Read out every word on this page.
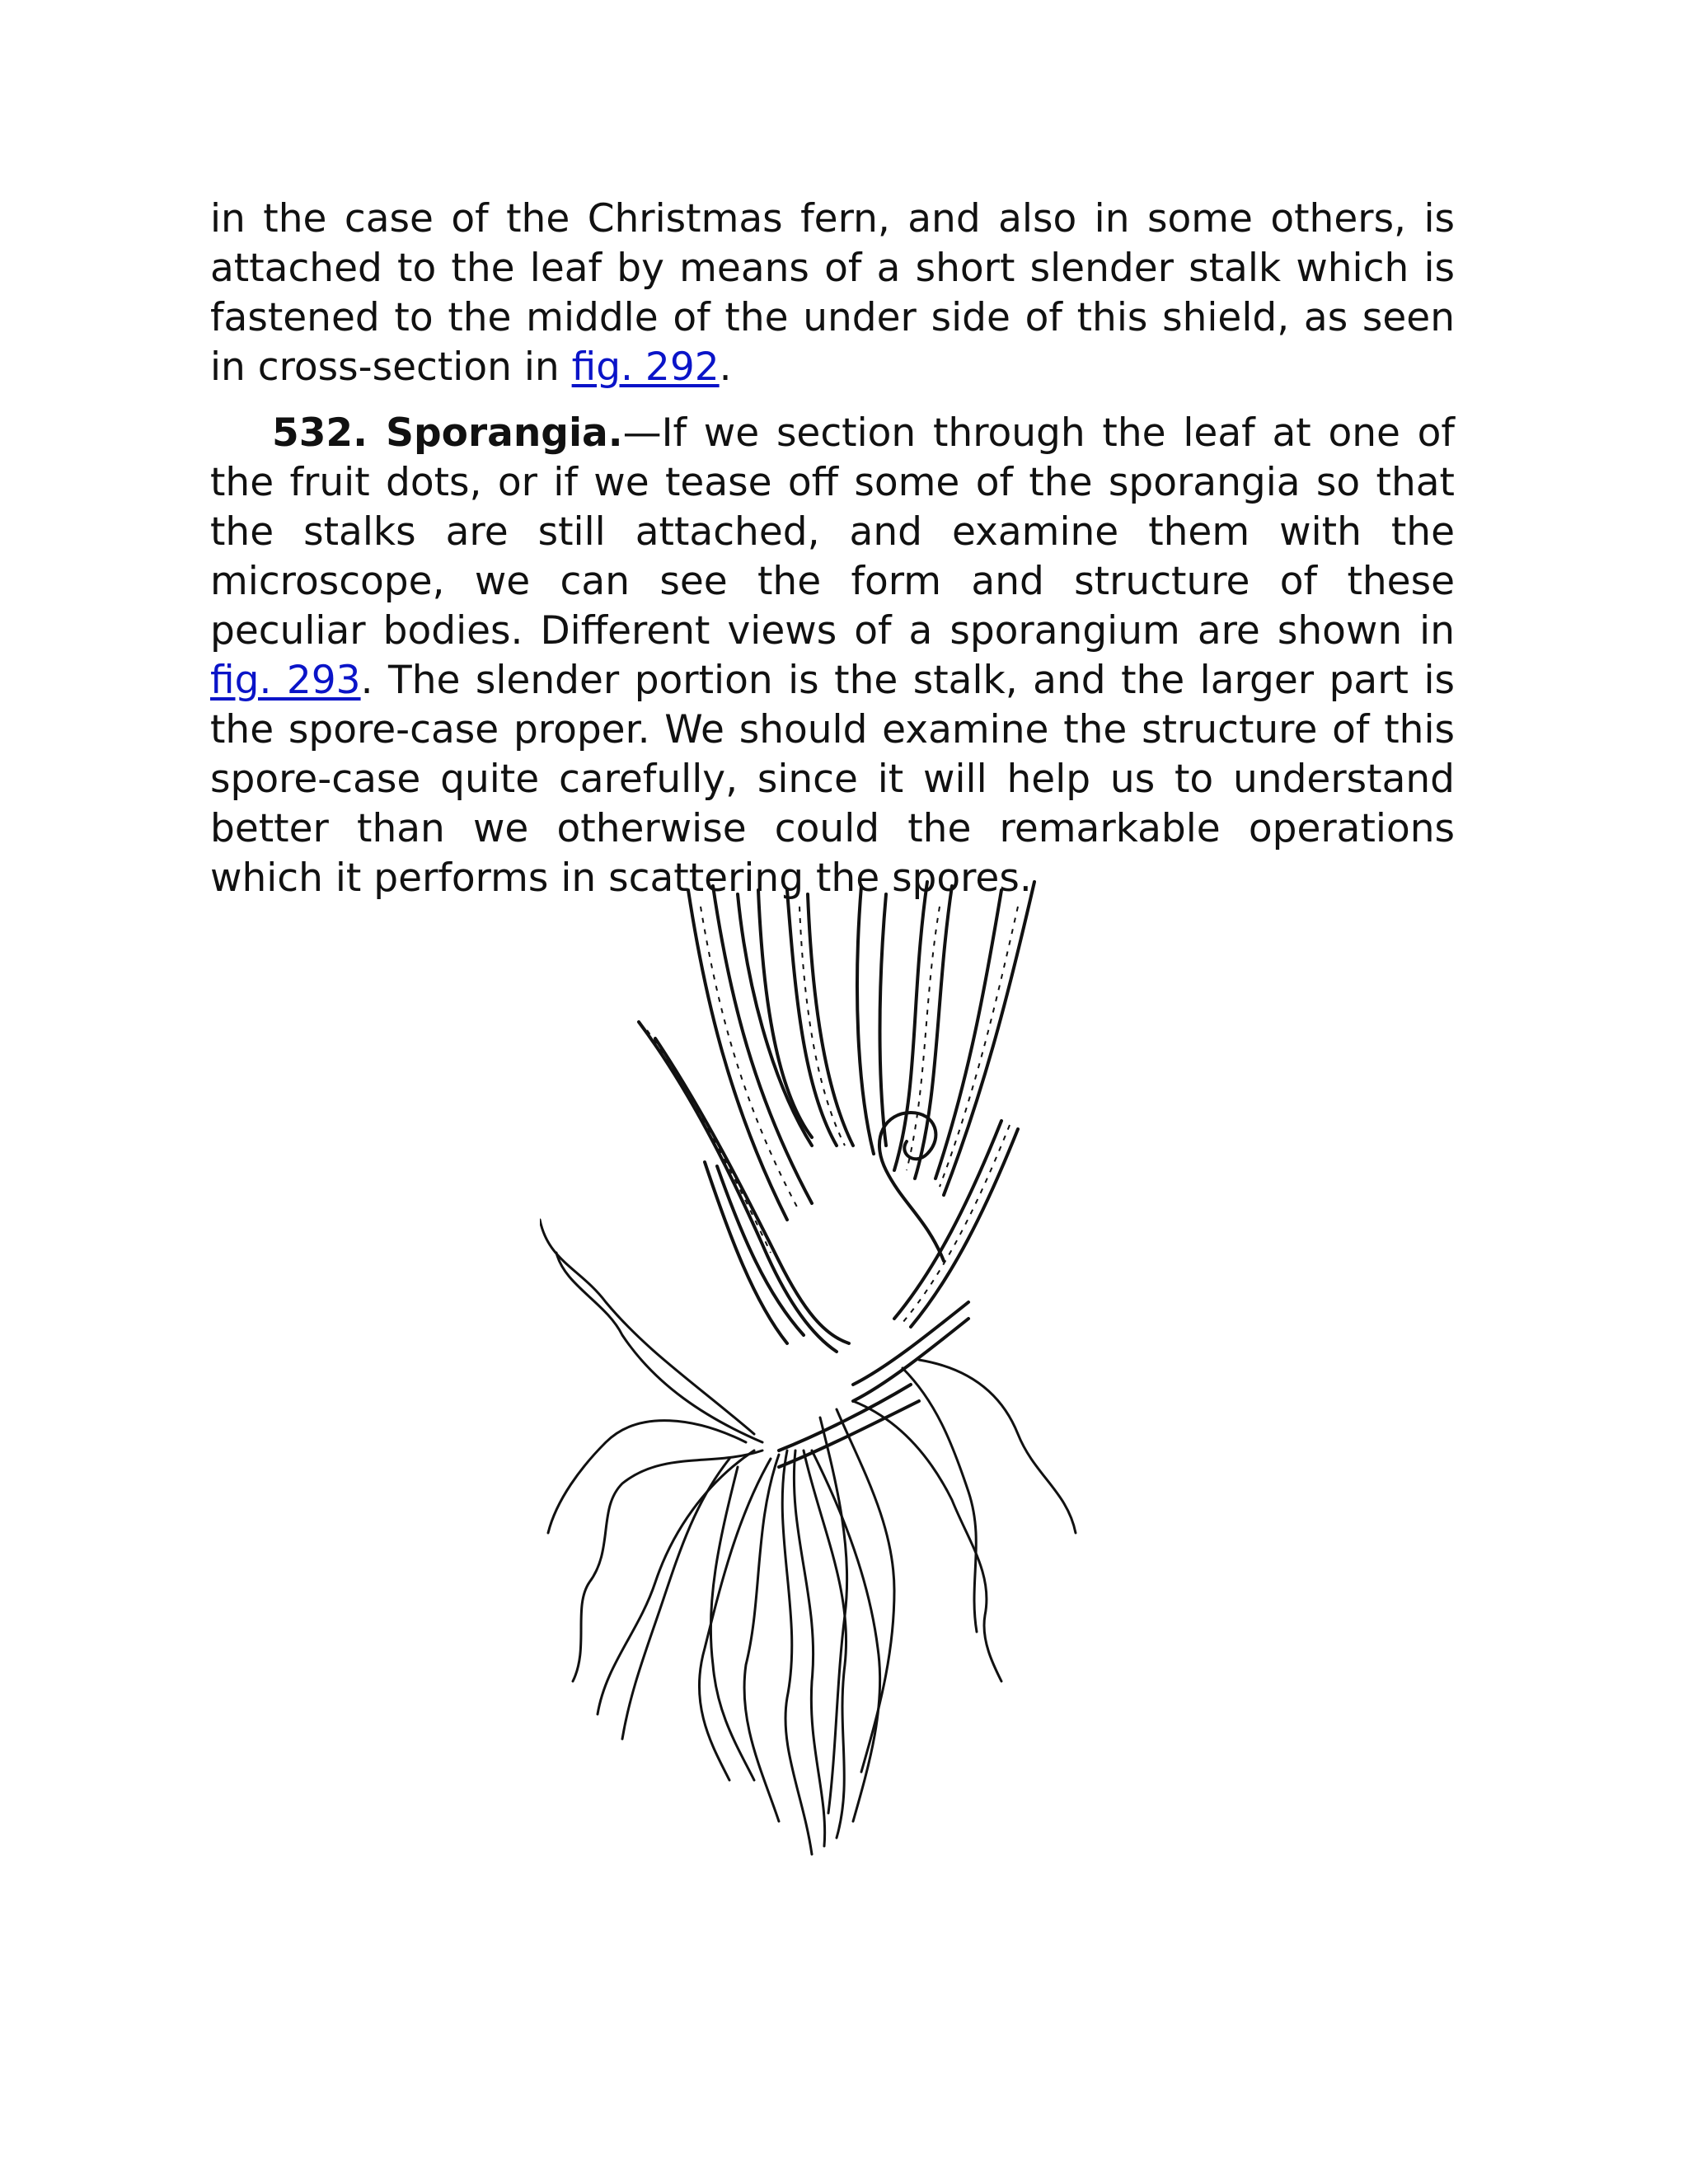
in the case of the Christmas fern, and also in some others, is attached to the leaf by means of a short slender stalk which is fastened to the middle of the under side of this shield, as seen in cross-section in fig. 292.

532. Sporangia.—If we section through the leaf at one of the fruit dots, or if we tease off some of the sporangia so that the stalks are still attached, and examine them with the microscope, we can see the form and structure of these peculiar bodies. Different views of a sporangium are shown in fig. 293. The slender portion is the stalk, and the larger part is the spore-case proper. We should examine the structure of this spore-case quite carefully, since it will help us to understand better than we otherwise could the remarkable operations which it performs in scattering the spores.
